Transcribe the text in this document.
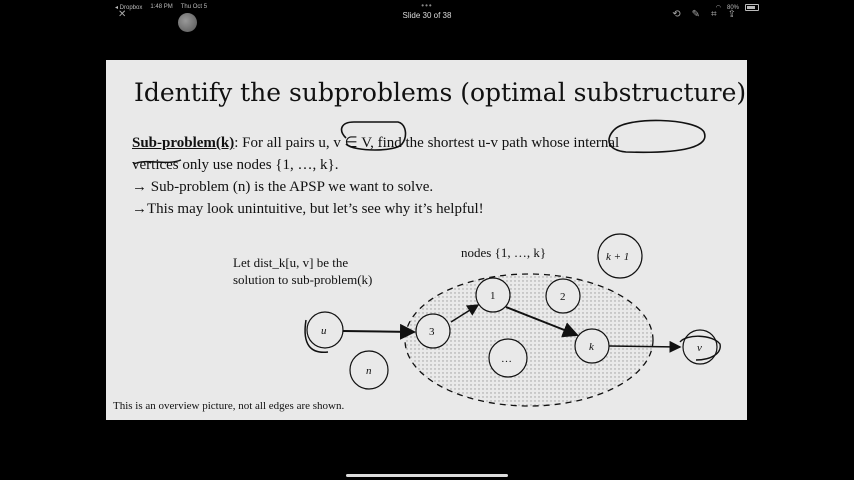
•••
◂ Dropbox 1:48 PM Thu Oct 5
Slide 30 of 38
◠ 80%
✕	⟲ ✎ ⌗ ⇪
Identify the subproblems (optimal substructure)
Sub-problem(k): For all pairs u, v ∈ V, find the shortest u-v path whose internal
vertices only use nodes {1, …, k}.
→ Sub-problem (n) is the APSP we want to solve.
→This may look unintuitive, but let’s see why it’s helpful!
u	3
1	2
k
…
v
n
k + 1
Let dist_k[u, v] be the
solution to sub-problem(k)
nodes {1, …, k}
This is an overview picture, not all edges are shown.
